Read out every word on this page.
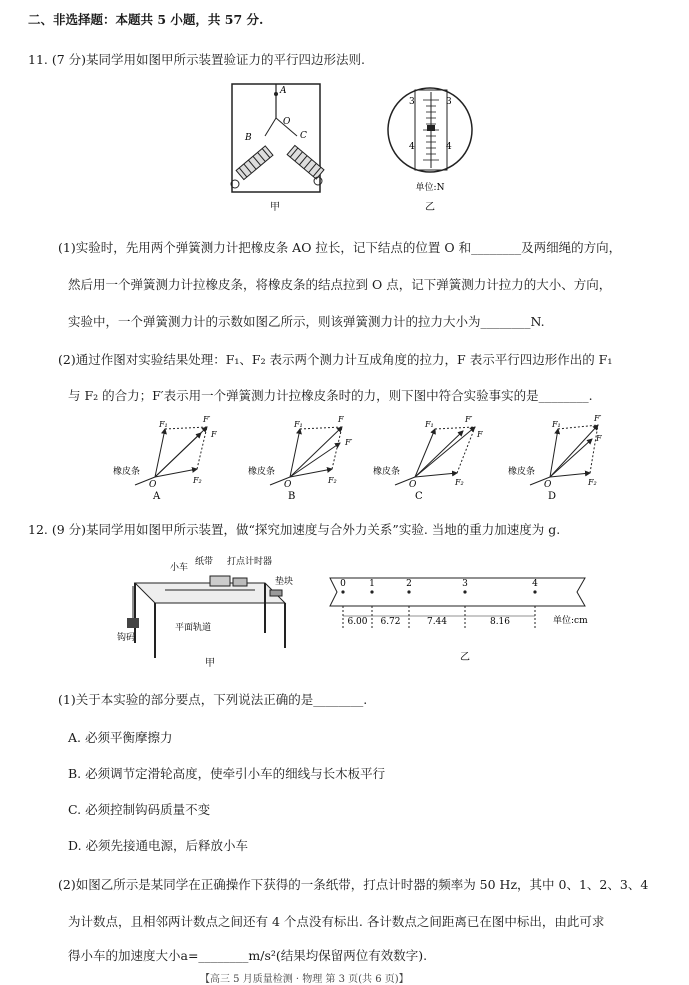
二、非选择题：本题共 5 小题，共 57 分.
11. (7 分)某同学用如图甲所示装置验证力的平行四边形法则.
A
O
B	C
甲
3	3
4	4
单位:N
乙
(1)实验时，先用两个弹簧测力计把橡皮条 AO 拉长，记下结点的位置 O 和________及两细绳的方向，
然后用一个弹簧测力计拉橡皮条，将橡皮条的结点拉到 O 点，记下弹簧测力计拉力的大小、方向，
实验中，一个弹簧测力计的示数如图乙所示，则该弹簧测力计的拉力大小为________N.
(2)通过作图对实验结果处理：F₁、F₂ 表示两个测力计互成角度的拉力，F 表示平行四边形作出的 F₁
与 F₂ 的合力；F′表示用一个弹簧测力计拉橡皮条时的力，则下图中符合实验事实的是________.
橡皮条
O
F₁
F₂
F′
F
A
橡皮条
O
F₁
F₂
F
F′
B
橡皮条
O
F₁
F₂
F′
F
C
橡皮条
O
F₁
F₂
F′
F
D
12. (9 分)某同学用如图甲所示装置，做“探究加速度与合外力关系”实验. 当地的重力加速度为 g.
小车
纸带 打点计时器
垫块
钩码
平面轨道
甲
0	1	2	3	4
6.00 6.72	7.44	8.16
乙
单位:cm
(1)关于本实验的部分要点，下列说法正确的是________.
A. 必须平衡摩擦力
B. 必须调节定滑轮高度，使牵引小车的细线与长木板平行
C. 必须控制钩码质量不变
D. 必须先接通电源，后释放小车
(2)如图乙所示是某同学在正确操作下获得的一条纸带，打点计时器的频率为 50 Hz，其中 0、1、2、3、4
为计数点，且相邻两计数点之间还有 4 个点没有标出. 各计数点之间距离已在图中标出，由此可求
得小车的加速度大小a=________m/s²(结果均保留两位有效数字).
【高三 5 月质量检测 · 物理 第 3 页(共 6 页)】
